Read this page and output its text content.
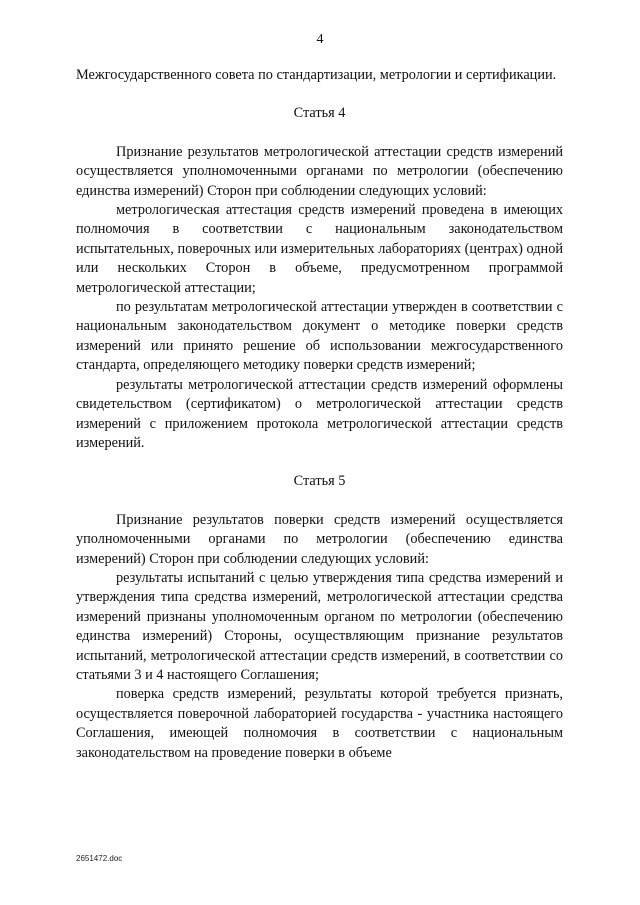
4

Межгосударственного совета по стандартизации, метрологии и сертификации.

Статья 4

Признание результатов метрологической аттестации средств измерений осуществляется уполномоченными органами по метрологии (обеспечению единства измерений) Сторон при соблюдении следующих условий:

метрологическая аттестация средств измерений проведена в имеющих полномочия в соответствии с национальным законодательством испытательных, поверочных или измерительных лабораториях (центрах) одной или нескольких Сторон в объеме, предусмотренном программой метрологической аттестации;

по результатам метрологической аттестации утвержден в соответствии с национальным законодательством документ о методике поверки средств измерений или принято решение об использовании межгосударственного стандарта, определяющего методику поверки средств измерений;

результаты метрологической аттестации средств измерений оформлены свидетельством (сертификатом) о метрологической аттестации средств измерений с приложением протокола метрологической аттестации средств измерений.

Статья 5

Признание результатов поверки средств измерений осуществляется уполномоченными органами по метрологии (обеспечению единства измерений) Сторон при соблюдении следующих условий:

результаты испытаний с целью утверждения типа средства измерений и утверждения типа средства измерений, метрологической аттестации средства измерений признаны уполномоченным органом по метрологии (обеспечению единства измерений) Стороны, осуществляющим признание результатов испытаний, метрологической аттестации средств измерений, в соответствии со статьями 3 и 4 настоящего Соглашения;

поверка средств измерений, результаты которой требуется признать, осуществляется поверочной лабораторией государства - участника настоящего Соглашения, имеющей полномочия в соответствии с национальным законодательством на проведение поверки в объеме

2651472.doc
